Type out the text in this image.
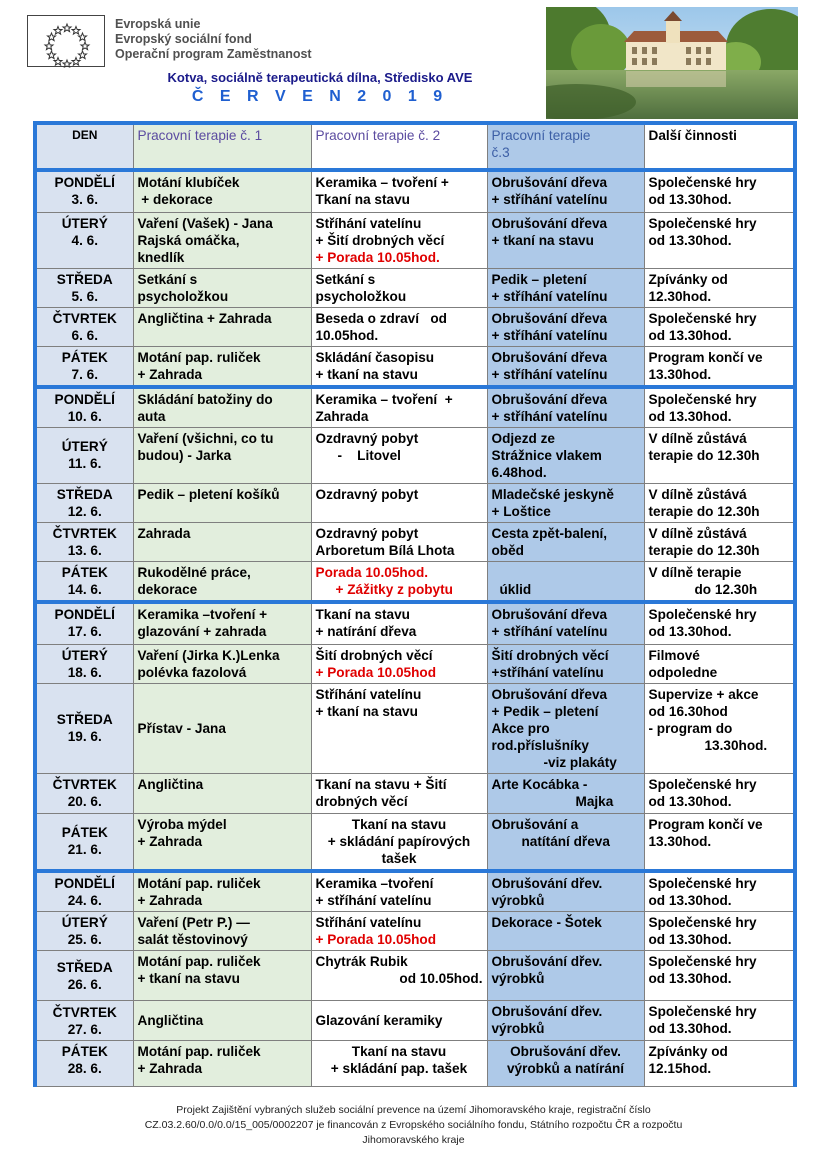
Evropská unie
Evropský sociální fond
Operační program Zaměstnanost
Kotva, sociálně terapeutická dílna, Středisko AVE
Č E R V E N 2 0 1 9
DEN	Pracovní terapie č. 1	Pracovní terapie č. 2	Pracovní terapie
č.3	Další činnosti

PONDĚLÍ
3. 6.	Motání klubíček
+ dekorace	Keramika – tvoření +
Tkaní na stavu	Obrušování dřeva
+ stříhání vatelínu	Společenské hry
od 13.30hod.

ÚTERÝ
4. 6.	Vaření (Vašek) - Jana
Rajská omáčka,
knedlík	Stříhání vatelínu
+ Šití drobných věcí
+ Porada 10.05hod.	Obrušování dřeva
+ tkaní na stavu	Společenské hry
od 13.30hod.

STŘEDA
5. 6.	Setkání s
psycholožkou	Setkání s
psycholožkou	Pedik – pletení
+ stříhání vatelínu	Zpívánky od
12.30hod.

ČTVRTEK
6. 6.	Angličtina + Zahrada	Beseda o zdraví   od
10.05hod.	Obrušování dřeva
+ stříhání vatelínu	Společenské hry
od 13.30hod.

PÁTEK
7. 6.	Motání pap. ruliček
+ Zahrada	Skládání časopisu
+ tkaní na stavu	Obrušování dřeva
+ stříhání vatelínu	Program končí ve
13.30hod.

PONDĚLÍ
10. 6.	Skládání batožiny do
auta	Keramika – tvoření  +
Zahrada	Obrušování dřeva
+ stříhání vatelínu	Společenské hry
od 13.30hod.

ÚTERÝ
11. 6.	Vaření (všichni, co tu
budou) - Jarka	Ozdravný pobyt
-    Litovel	Odjezd ze
Strážnice vlakem
6.48hod.	V dílně zůstává
terapie do 12.30h

STŘEDA
12. 6.	Pedik – pletení košíků	Ozdravný pobyt	Mladečské jeskyně
+ Loštice	V dílně zůstává
terapie do 12.30h

ČTVRTEK
13. 6.	Zahrada	Ozdravný pobyt
Arboretum Bílá Lhota	Cesta zpět-balení,
oběd	V dílně zůstává
terapie do 12.30h

PÁTEK
14. 6.	Rukodělné práce,
dekorace	Porada 10.05hod.
+ Zážitky z pobytu	úklid	V dílně terapie
do 12.30h

PONDĚLÍ
17. 6.	Keramika –tvoření +
glazování + zahrada	Tkaní na stavu
+ natírání dřeva	Obrušování dřeva
+ stříhání vatelínu	Společenské hry
od 13.30hod.

ÚTERÝ
18. 6.	Vaření (Jirka K.)Lenka
polévka fazolová	Šití drobných věcí
+ Porada 10.05hod	Šití drobných věcí
+stříhání vatelínu	Filmové
odpoledne

STŘEDA
19. 6.	Přístav - Jana	Stříhání vatelínu
+ tkaní na stavu	Obrušování dřeva
+ Pedik – pletení
Akce pro
rod.příslušníky
-viz plakáty	Supervize + akce
od 16.30hod
- program do
13.30hod.

ČTVRTEK
20. 6.	Angličtina	Tkaní na stavu + Šití
drobných věcí	Arte Kocábka -
Majka	Společenské hry
od 13.30hod.

PÁTEK
21. 6.	Výroba mýdel
+ Zahrada	Tkaní na stavu
+ skládání papírových
tašek	Obrušování a
natítání dřeva	Program končí ve
13.30hod.

PONDĚLÍ
24. 6.	Motání pap. ruliček
+ Zahrada	Keramika –tvoření
+ stříhání vatelínu	Obrušování dřev.
výrobků	Společenské hry
od 13.30hod.

ÚTERÝ
25. 6.	Vaření (Petr P.) —
salát těstovinový	Stříhání vatelínu
+ Porada 10.05hod	Dekorace - Šotek	Společenské hry
od 13.30hod.

STŘEDA
26. 6.	Motání pap. ruliček
+ tkaní na stavu	Chytrák Rubik
od 10.05hod.	Obrušování dřev.
výrobků	Společenské hry
od 13.30hod.

ČTVRTEK
27. 6.	Angličtina	Glazování keramiky	Obrušování dřev.
výrobků	Společenské hry
od 13.30hod.

PÁTEK
28. 6.	Motání pap. ruliček
+ Zahrada	Tkaní na stavu
+ skládání pap. tašek	Obrušování dřev.
výrobků a natírání	Zpívánky od
12.15hod.
Projekt Zajištění vybraných služeb sociální prevence na území Jihomoravského kraje, registrační číslo
CZ.03.2.60/0.0/0.0/15_005/0002207 je financován z Evropského sociálního fondu, Státního rozpočtu ČR a rozpočtu
Jihomoravského kraje
